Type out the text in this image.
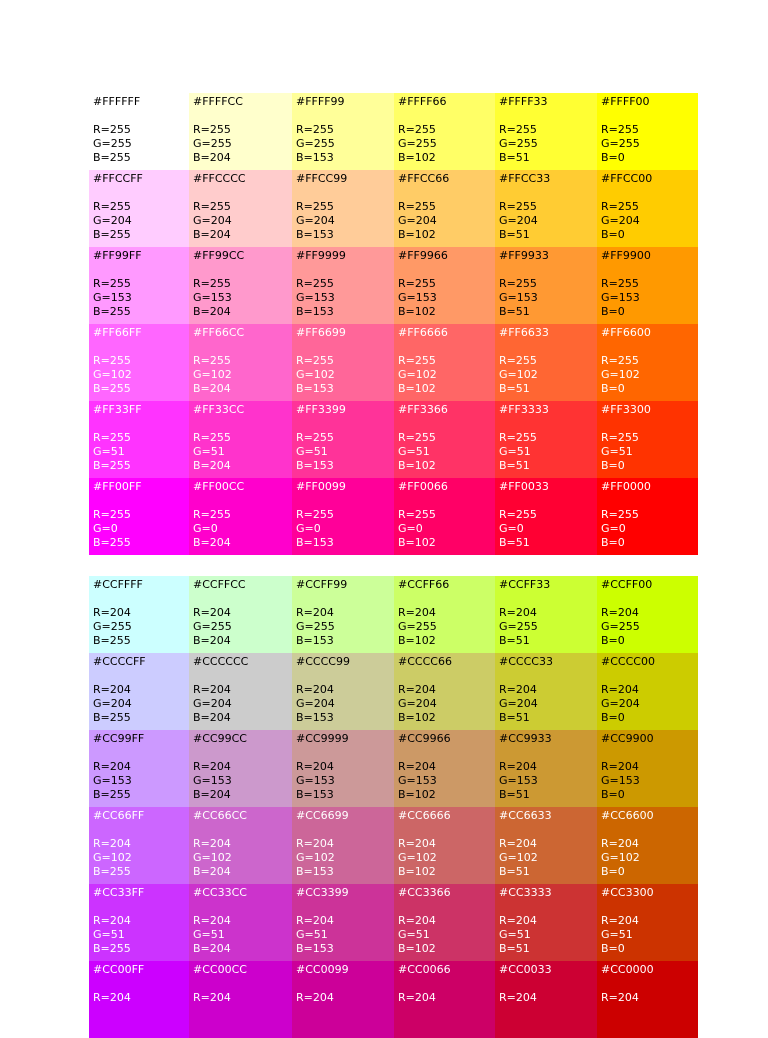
#FFFFFF
R=255
G=255
B=255
#FFFFCC
R=255
G=255
B=204
#FFFF99
R=255
G=255
B=153
#FFFF66
R=255
G=255
B=102
#FFFF33
R=255
G=255
B=51
#FFFF00
R=255
G=255
B=0
#FFCCFF
R=255
G=204
B=255
#FFCCCC
R=255
G=204
B=204
#FFCC99
R=255
G=204
B=153
#FFCC66
R=255
G=204
B=102
#FFCC33
R=255
G=204
B=51
#FFCC00
R=255
G=204
B=0
#FF99FF
R=255
G=153
B=255
#FF99CC
R=255
G=153
B=204
#FF9999
R=255
G=153
B=153
#FF9966
R=255
G=153
B=102
#FF9933
R=255
G=153
B=51
#FF9900
R=255
G=153
B=0
#FF66FF
R=255
G=102
B=255
#FF66CC
R=255
G=102
B=204
#FF6699
R=255
G=102
B=153
#FF6666
R=255
G=102
B=102
#FF6633
R=255
G=102
B=51
#FF6600
R=255
G=102
B=0
#FF33FF
R=255
G=51
B=255
#FF33CC
R=255
G=51
B=204
#FF3399
R=255
G=51
B=153
#FF3366
R=255
G=51
B=102
#FF3333
R=255
G=51
B=51
#FF3300
R=255
G=51
B=0
#FF00FF
R=255
G=0
B=255
#FF00CC
R=255
G=0
B=204
#FF0099
R=255
G=0
B=153
#FF0066
R=255
G=0
B=102
#FF0033
R=255
G=0
B=51
#FF0000
R=255
G=0
B=0
#CCFFFF
R=204
G=255
B=255
#CCFFCC
R=204
G=255
B=204
#CCFF99
R=204
G=255
B=153
#CCFF66
R=204
G=255
B=102
#CCFF33
R=204
G=255
B=51
#CCFF00
R=204
G=255
B=0
#CCCCFF
R=204
G=204
B=255
#CCCCCC
R=204
G=204
B=204
#CCCC99
R=204
G=204
B=153
#CCCC66
R=204
G=204
B=102
#CCCC33
R=204
G=204
B=51
#CCCC00
R=204
G=204
B=0
#CC99FF
R=204
G=153
B=255
#CC99CC
R=204
G=153
B=204
#CC9999
R=204
G=153
B=153
#CC9966
R=204
G=153
B=102
#CC9933
R=204
G=153
B=51
#CC9900
R=204
G=153
B=0
#CC66FF
R=204
G=102
B=255
#CC66CC
R=204
G=102
B=204
#CC6699
R=204
G=102
B=153
#CC6666
R=204
G=102
B=102
#CC6633
R=204
G=102
B=51
#CC6600
R=204
G=102
B=0
#CC33FF
R=204
G=51
B=255
#CC33CC
R=204
G=51
B=204
#CC3399
R=204
G=51
B=153
#CC3366
R=204
G=51
B=102
#CC3333
R=204
G=51
B=51
#CC3300
R=204
G=51
B=0
#CC00FF
R=204
#CC00CC
R=204
#CC0099
R=204
#CC0066
R=204
#CC0033
R=204
#CC0000
R=204
